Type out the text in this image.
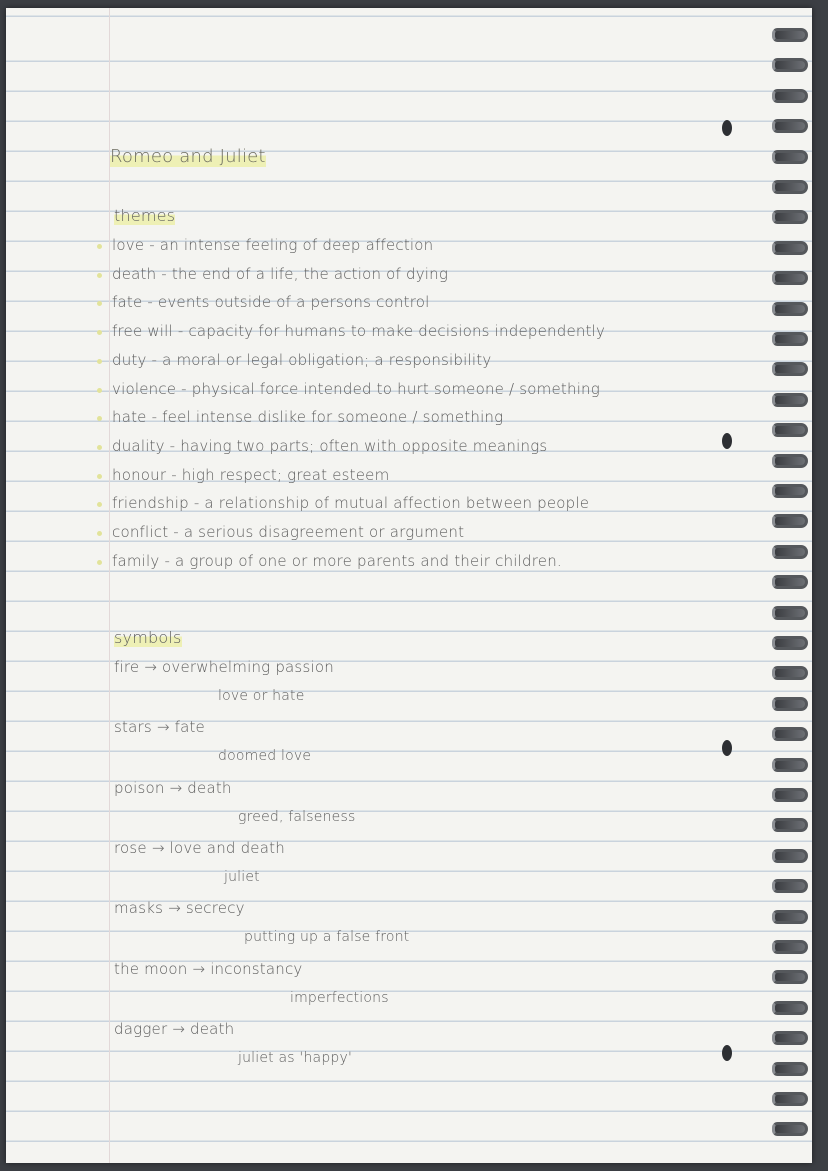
Romeo and Juliet
themes
love - an intense feeling of deep affection
death - the end of a life, the action of dying
fate - events outside of a persons control
free will - capacity for humans to make decisions independently
duty - a moral or legal obligation; a responsibility
violence - physical force intended to hurt someone / something
hate - feel intense dislike for someone / something
duality - having two parts; often with opposite meanings
honour - high respect; great esteem
friendship - a relationship of mutual affection between people
conflict - a serious disagreement or argument
family - a group of one or more parents and their children.
symbols
fire → overwhelming passion
love or hate
stars → fate
doomed love
poison → death
greed, falseness
rose → love and death
juliet
masks → secrecy
putting up a false front
the moon → inconstancy
imperfections
dagger → death
juliet as 'happy'
